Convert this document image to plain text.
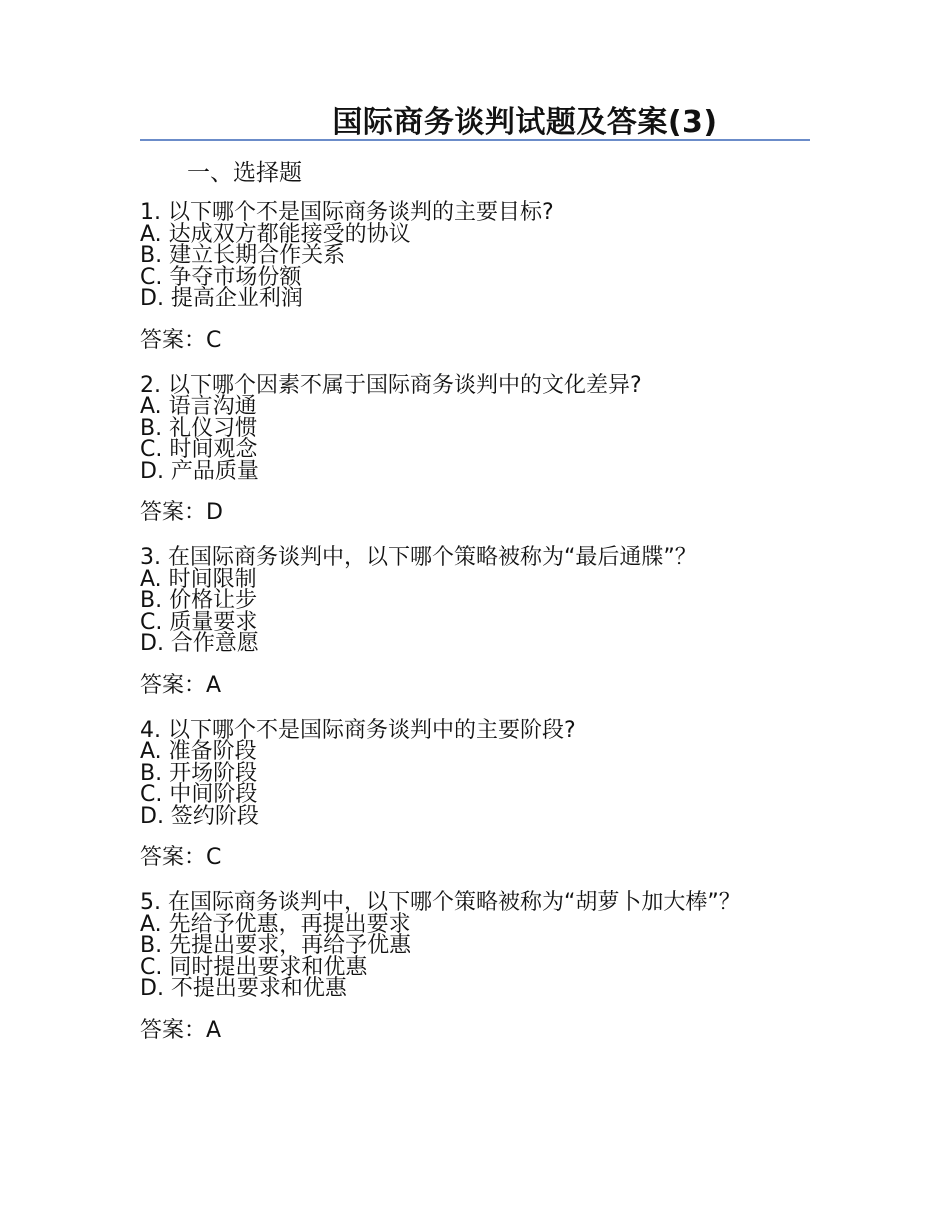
国际商务谈判试题及答案(3)
一、选择题
1. 以下哪个不是国际商务谈判的主要目标?
A. 达成双方都能接受的协议
B. 建立长期合作关系
C. 争夺市场份额
D. 提高企业利润
答案：C
2. 以下哪个因素不属于国际商务谈判中的文化差异?
A. 语言沟通
B. 礼仪习惯
C. 时间观念
D. 产品质量
答案：D
3. 在国际商务谈判中，以下哪个策略被称为“最后通牒”？
A. 时间限制
B. 价格让步
C. 质量要求
D. 合作意愿
答案：A
4. 以下哪个不是国际商务谈判中的主要阶段?
A. 准备阶段
B. 开场阶段
C. 中间阶段
D. 签约阶段
答案：C
5. 在国际商务谈判中，以下哪个策略被称为“胡萝卜加大棒”？
A. 先给予优惠，再提出要求
B. 先提出要求，再给予优惠
C. 同时提出要求和优惠
D. 不提出要求和优惠
答案：A
